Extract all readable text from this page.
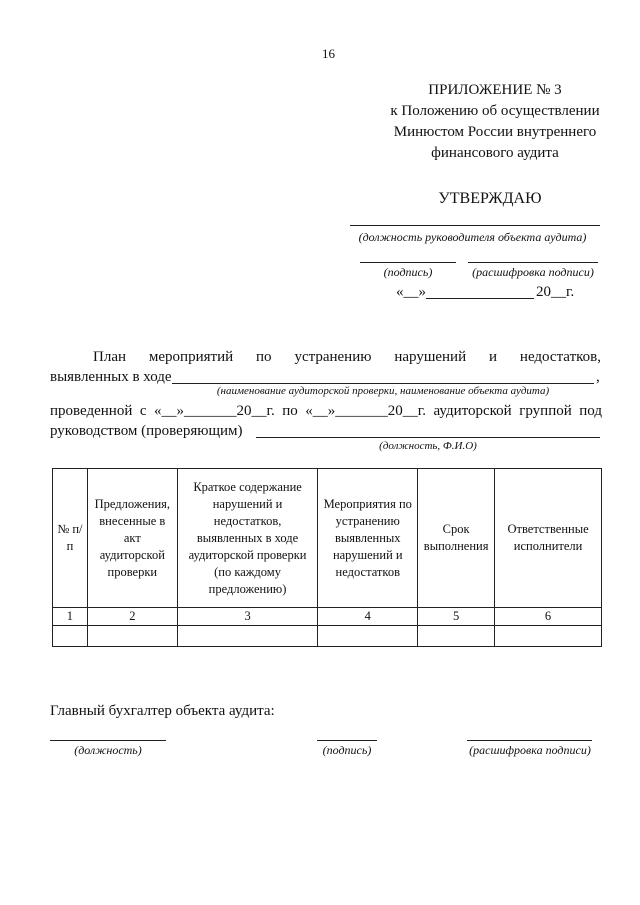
16
ПРИЛОЖЕНИЕ № 3
к Положению об осуществлении
Минюстом России внутреннего
финансового аудита
УТВЕРЖДАЮ
(должность руководителя объекта аудита)
(подпись)	(расшифровка подписи)
«__»	20__г.
План мероприятий по устранению нарушений и недостатков,
выявленных в ходе	,
(наименование аудиторской проверки, наименование объекта аудита)
проведенной с «__»_______20__г. по «__»_______20__г. аудиторской группой под
руководством (проверяющим)
(должность, Ф.И.О)
№ п/п	Предложения, внесенные в акт аудиторской проверки	Краткое содержание нарушений и недостатков, выявленных в ходе аудиторской проверки (по каждому предложению)	Мероприятия по устранению выявленных нарушений и недостатков	Срок выполнения	Ответственные исполнители
1	2	3	4	5	6

Главный бухгалтер объекта аудита:
(должность)	(подпись)	(расшифровка подписи)
